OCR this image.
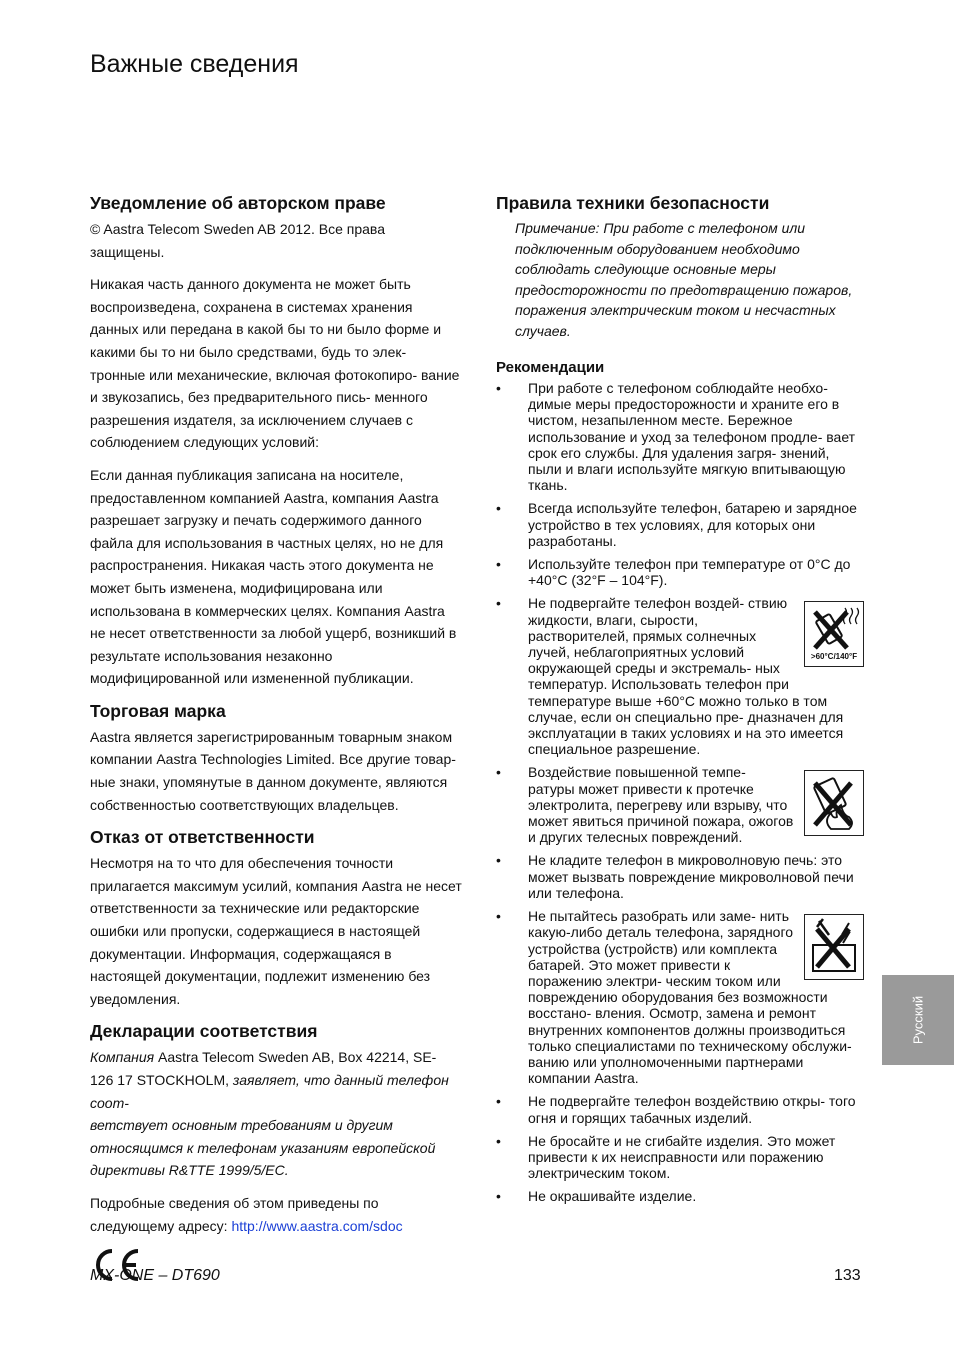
Важные сведения
Уведомление об авторском праве

© Aastra Telecom Sweden AB 2012. Все права защищены.

Никакая часть данного документа не может быть воспроизведена, сохранена в системах хранения данных или передана в какой бы то ни было форме и какими бы то ни было средствами, будь то элек- тронные или механические, включая фотокопиро- вание и звукозапись, без предварительного пись- менного разрешения издателя, за исключением случаев с соблюдением следующих условий:

Если данная публикация записана на носителе, предоставленном компанией Aastra, компания Aastra разрешает загрузку и печать содержимого данного файла для использования в частных целях, но не для распространения. Никакая часть этого документа не может быть изменена, модифицирована или использована в коммерческих целях. Компания Aastra не несет ответственности за любой ущерб, возникший в результате использования незаконно модифицированной или измененной публикации.

Торговая марка

Aastra является зарегистрированным товарным знаком компании Aastra Technologies Limited. Все другие товар- ные знаки, упомянутые в данном документе, являются собственностью соответствующих владельцев.

Отказ от ответственности

Несмотря на то что для обеспечения точности прилагается максимум усилий, компания Aastra не несет ответственности за технические или редакторские ошибки или пропуски, содержащиеся в настоящей документации. Информация, содержащаяся в настоящей документации, подлежит изменению без уведомления.

Декларации соответствия

Компания Aastra Telecom Sweden AB, Box 42214, SE- 126 17 STOCKHOLM, заявляет, что данный телефон соот-

ветствует основным требованиям и другим относящимся к телефонам указаниям европейской директивы R&TTE 1999/5/EC.

Подробные сведения об этом приведены по следующему адресу: http://www.aastra.com/sdoc

Правила техники безопасности

Примечание: При работе с телефоном или подключенным оборудованием необходимо соблюдать следующие основные меры предосторожности по предотвращению пожаров, поражения электрическим током и несчастных случаев.

Рекомендации
• При работе с телефоном соблюдайте необхо- димые меры предосторожности и храните его в чистом, незапыленном месте. Бережное использование и уход за телефоном продле- вает срок его службы. Для удаления загря- знений, пыли и влаги используйте мягкую впитывающую ткань.
• Всегда используйте телефон, батарею и зарядное устройство в тех условиях, для которых они разработаны.
• Используйте телефон при температуре от 0°C до +40°C (32°F – 104°F).
• >60°C/140°F
Не подвергайте телефон воздей- ствию жидкости, влаги, сырости, растворителей, прямых солнечных лучей, неблагоприятных условий окружающей среды и экстремаль- ных температур. Использовать телефон при температуре выше +60°C можно только в том случае, если он специально пре- дназначен для эксплуатации в таких условиях и на это имеется специальное разрешение.
• Воздействие повышенной темпе- ратуры может привести к протечке электролита, перегреву или взрыву, что может явиться причиной пожара, ожогов и других телесных повреждений.
• Не кладите телефон в микроволновую печь: это может вызвать повреждение микроволновой печи или телефона.
• Не пытайтесь разобрать или заме- нить какую-либо деталь телефона, зарядного устройства (устройств) или комплекта батарей. Это может привести к поражению электри- ческим током или повреждению оборудования без возможности восстано- вления. Осмотр, замена и ремонт внутренних компонентов должны производиться только специалистами по техническому обслужи- ванию или уполномоченными партнерами компании Aastra.
• Не подвергайте телефон воздействию откры- того огня и горящих табачных изделий.
• Не бросайте и не сгибайте изделия. Это может привести к их неисправности или поражению электрическим током.
• Не окрашивайте изделие.
Русский
MX-ONE – DT690	133
